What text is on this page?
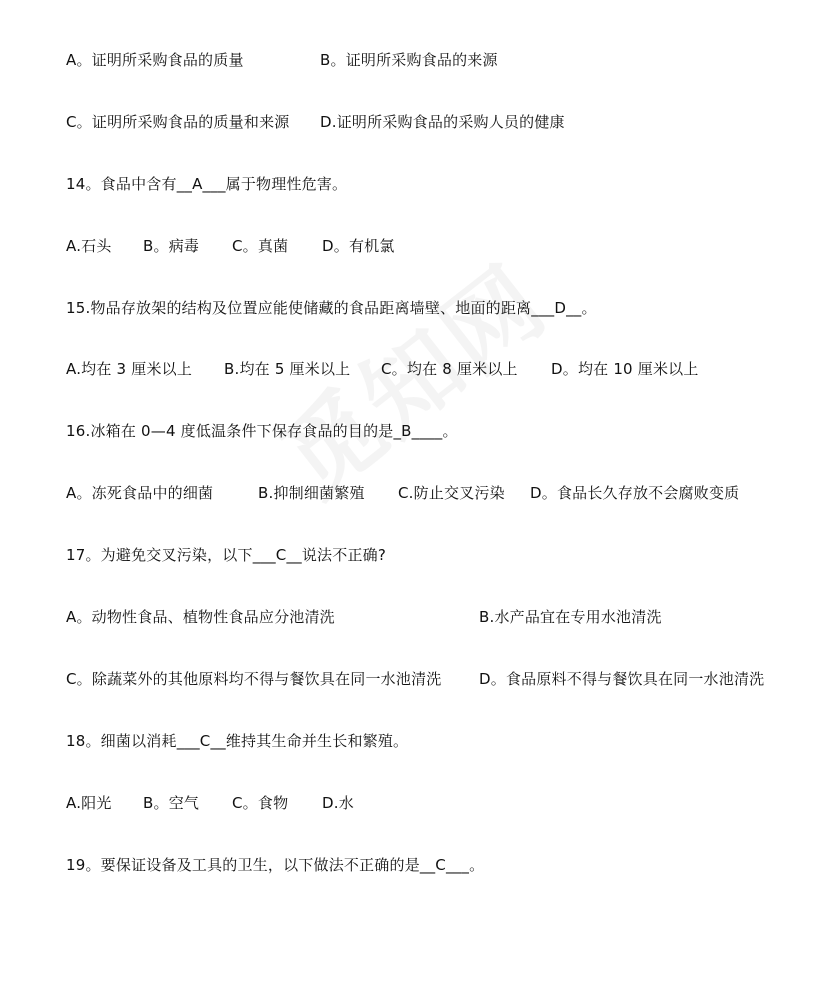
A。证明所采购食品的质量	B。证明所采购食品的来源
C。证明所采购食品的质量和来源 D.证明所采购食品的采购人员的健康
14。食品中含有__A___属于物理性危害。
A.石头 B。病毒 C。真菌 D。有机氯
15.物品存放架的结构及位置应能使储藏的食品距离墙壁、地面的距离___D__。
A.均在 3 厘米以上 B.均在 5 厘米以上 C。均在 8 厘米以上 D。均在 10 厘米以上
16.冰箱在 0—4 度低温条件下保存食品的目的是_B____。
A。冻死食品中的细菌	B.抑制细菌繁殖 C.防止交叉污染 D。食品长久存放不会腐败变质
17。为避免交叉污染，以下___C__说法不正确?
A。动物性食品、植物性食品应分池清洗	B.水产品宜在专用水池清洗
C。除蔬菜外的其他原料均不得与餐饮具在同一水池清洗	D。食品原料不得与餐饮具在同一水池清洗
18。细菌以消耗___C__维持其生命并生长和繁殖。
A.阳光 B。空气 C。食物 D.水
19。要保证设备及工具的卫生，以下做法不正确的是__C___。
